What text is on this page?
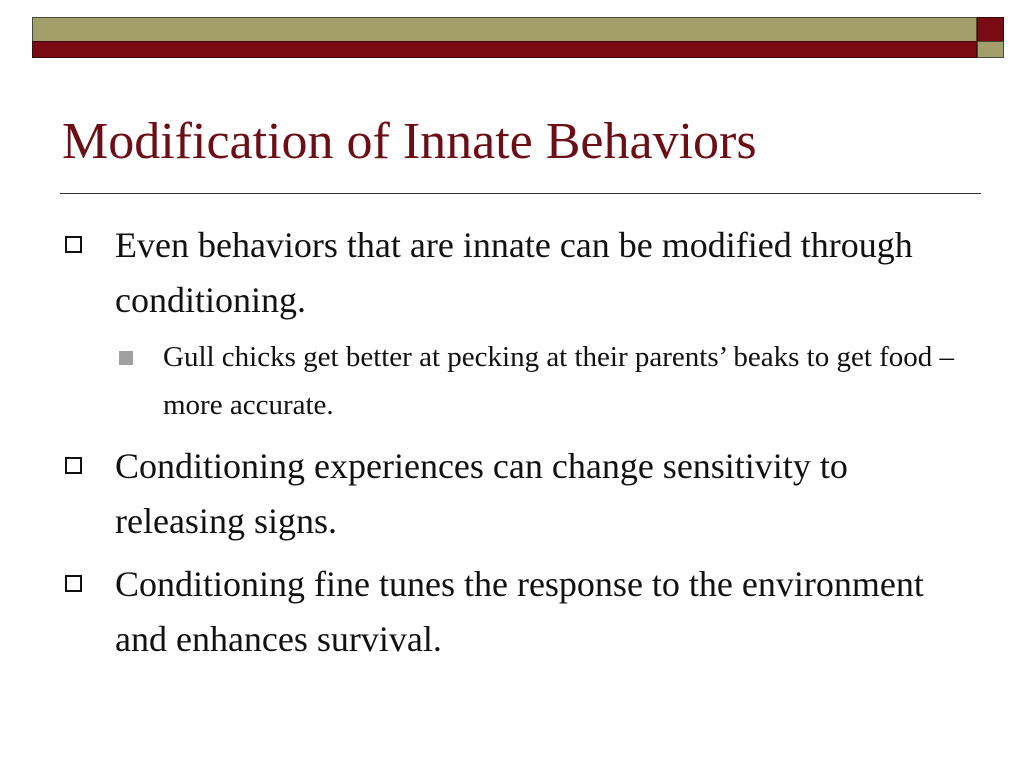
Modification of Innate Behaviors
Even behaviors that are innate can be modified through conditioning.
Gull chicks get better at pecking at their parents’ beaks to get food – more accurate.
Conditioning experiences can change sensitivity to releasing signs.
Conditioning fine tunes the response to the environment and enhances survival.
